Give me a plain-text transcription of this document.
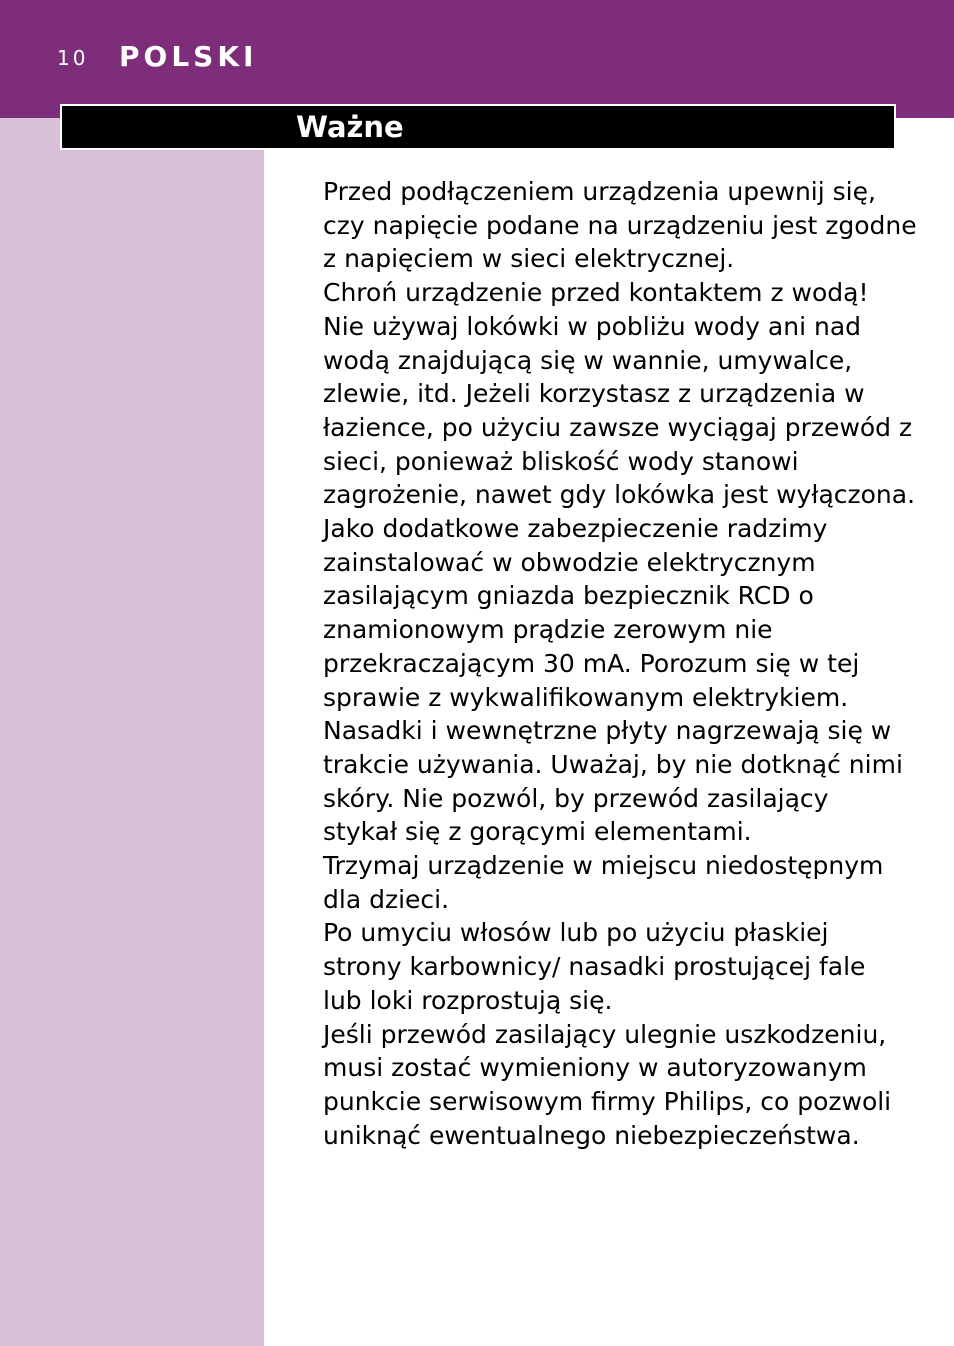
10 POLSKI
Ważne
Przed podłączeniem urządzenia upewnij się,
czy napięcie podane na urządzeniu jest zgodne
z napięciem w sieci elektrycznej.
Chroń urządzenie przed kontaktem z wodą!
Nie używaj lokówki w pobliżu wody ani nad
wodą znajdującą się w wannie, umywalce,
zlewie, itd. Jeżeli korzystasz z urządzenia w
łazience, po użyciu zawsze wyciągaj przewód z
sieci, ponieważ bliskość wody stanowi
zagrożenie, nawet gdy lokówka jest wyłączona.
Jako dodatkowe zabezpieczenie radzimy
zainstalować w obwodzie elektrycznym
zasilającym gniazda bezpiecznik RCD o
znamionowym prądzie zerowym nie
przekraczającym 30 mA. Porozum się w tej
sprawie z wykwalifikowanym elektrykiem.
Nasadki i wewnętrzne płyty nagrzewają się w
trakcie używania. Uważaj, by nie dotknąć nimi
skóry. Nie pozwól, by przewód zasilający
stykał się z gorącymi elementami.
Trzymaj urządzenie w miejscu niedostępnym
dla dzieci.
Po umyciu włosów lub po użyciu płaskiej
strony karbownicy/ nasadki prostującej fale
lub loki rozprostują się.
Jeśli przewód zasilający ulegnie uszkodzeniu,
musi zostać wymieniony w autoryzowanym
punkcie serwisowym firmy Philips, co pozwoli
uniknąć ewentualnego niebezpieczeństwa.
